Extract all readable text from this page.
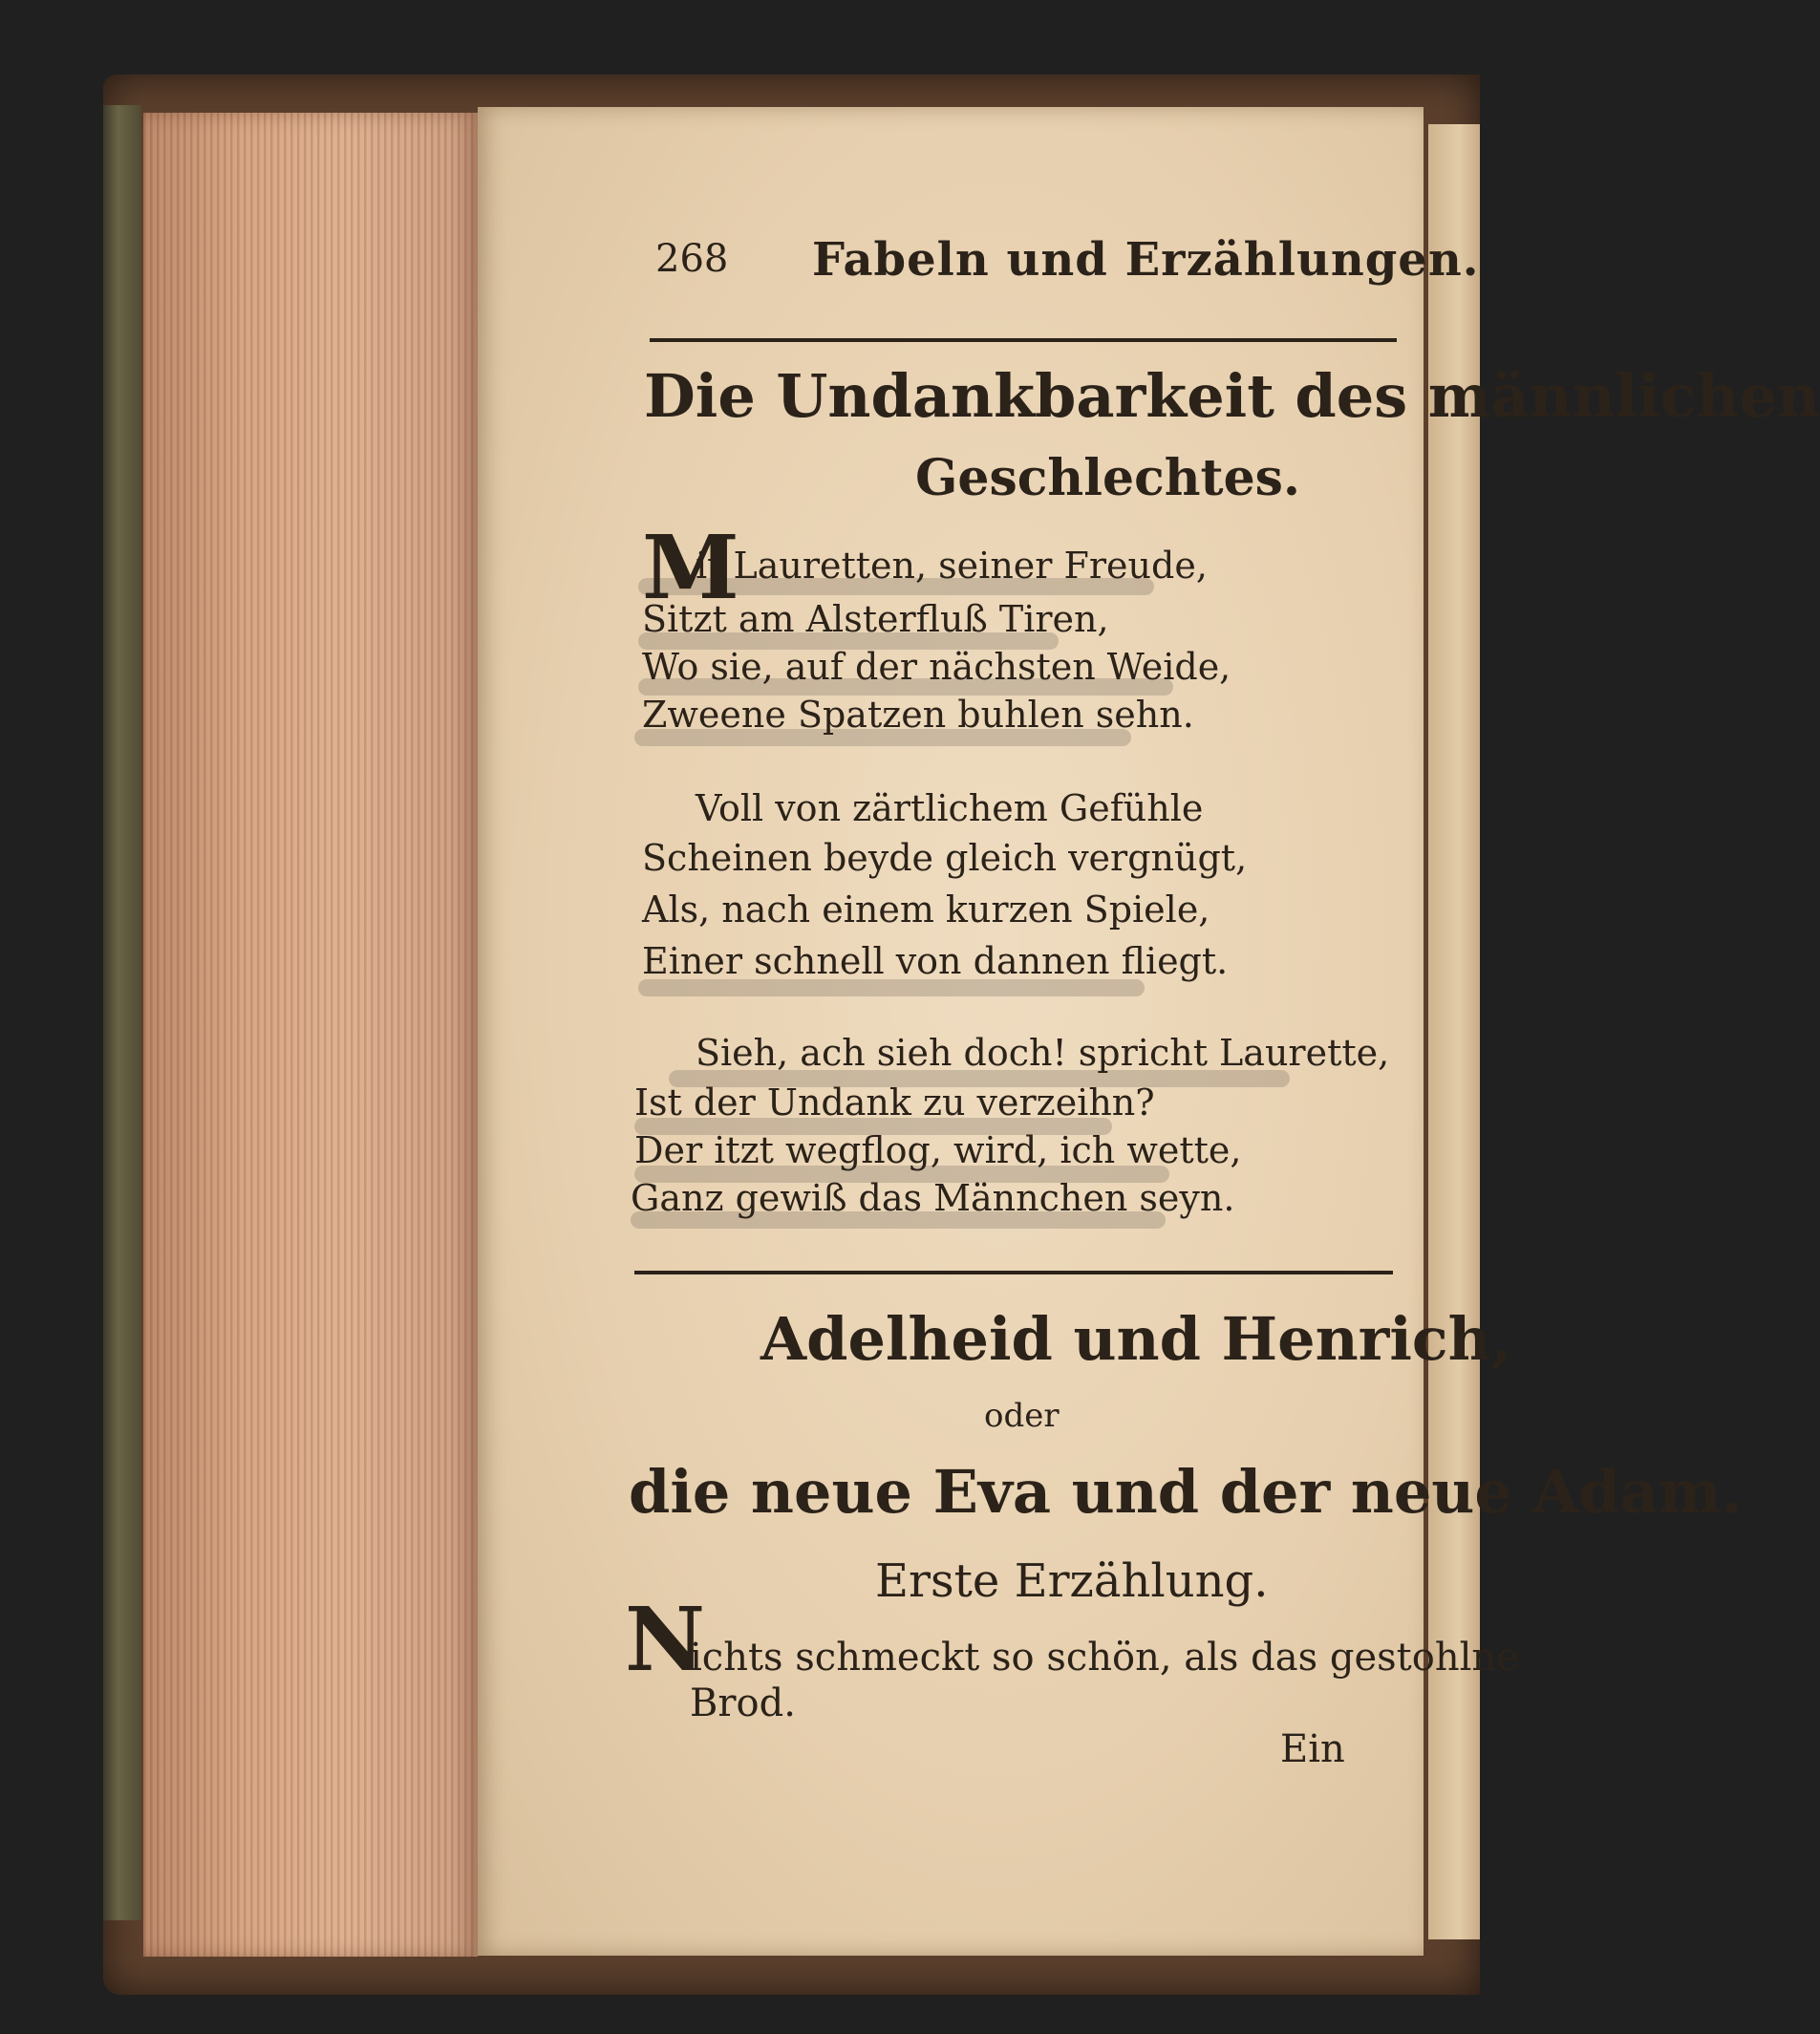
268 Fabeln und Erzählungen.
Die Undankbarkeit des männlichen
Geschlechtes.
M
it Lauretten, seiner Freude,
Sitzt am Alsterfluß Tiren,
Wo sie, auf der nächsten Weide,
Zweene Spatzen buhlen sehn.
Voll von zärtlichem Gefühle
Scheinen beyde gleich vergnügt,
Als, nach einem kurzen Spiele,
Einer schnell von dannen fliegt.
Sieh, ach sieh doch! spricht Laurette,
Ist der Undank zu verzeihn?
Der itzt wegflog, wird, ich wette,
Ganz gewiß das Männchen seyn.
Adelheid und Henrich,
oder
die neue Eva und der neue Adam.
Erste Erzählung.
N
ichts schmeckt so schön, als das gestohlne
Brod.
Ein
